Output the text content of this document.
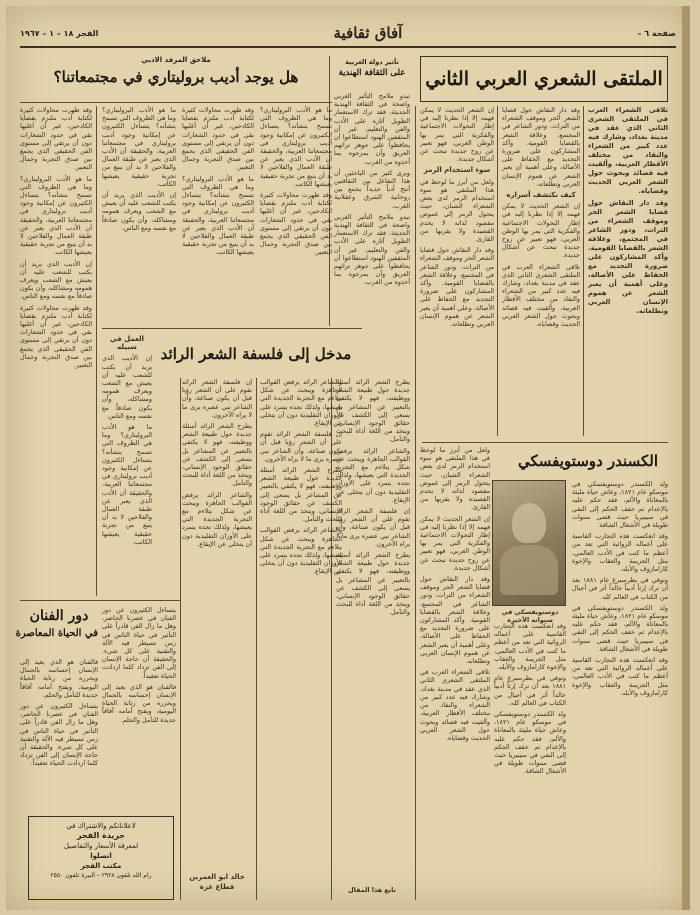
صفحة ٦ –
آفاق ثقافية
الفجر ١٨ – ١ – ١٩٦٧
الملتقى الشعري العربي الثاني

تلاقى الشعراء العرب في الملتقى الشعري الثاني الذي عقد في مدينة بغداد، وشارك فيه عدد كبير من الشعراء والنقاد من مختلف الأقطار العربية، وألقيت فيه قصائد وبحوث حول الشعر العربي الحديث وقضاياه.

وقد دار النقاش حول قضايا الشعر الحر وموقف الشعراء من التراث، ودور الشاعر في المجتمع، وعلاقة الشعر بالقضايا القومية. وأكد المشاركون على ضرورة التجديد مع الحفاظ على الأصالة، وعلى أهمية أن يعبر الشعر عن هموم الإنسان العربي وتطلعاته.

وقد دار النقاش حول قضايا الشعر الحر وموقف الشعراء من التراث، ودور الشاعر في المجتمع، وعلاقة الشعر بالقضايا القومية. وأكد المشاركون على ضرورة التجديد مع الحفاظ على الأصالة، وعلى أهمية أن يعبر الشعر عن هموم الإنسان العربي وتطلعاته.

كيف نكتشف أسراره

إن الشعر الحديث لا يمكن فهمه إلا إذا نظرنا إليه في إطار التحولات الاجتماعية والفكرية التي يمر بها الوطن العربي، فهو تعبير عن روح جديدة تبحث عن أشكال جديدة.

تلاقى الشعراء العرب في الملتقى الشعري الثاني الذي عقد في مدينة بغداد، وشارك فيه عدد كبير من الشعراء والنقاد من مختلف الأقطار العربية، وألقيت فيه قصائد وبحوث حول الشعر العربي الحديث وقضاياه.

إن الشعر الحديث لا يمكن فهمه إلا إذا نظرنا إليه في إطار التحولات الاجتماعية والفكرية التي يمر بها الوطن العربي، فهو تعبير عن روح جديدة تبحث عن أشكال جديدة.

سوء استخدام الرمز

ولعل من أبرز ما لوحظ في هذا الملتقى هو سوء استخدام الرمز لدى بعض الشعراء الشبان، حيث يتحول الرمز إلى غموض مقصود لذاته لا يخدم القصيدة ولا يقربها من القارئ.

وقد دار النقاش حول قضايا الشعر الحر وموقف الشعراء من التراث، ودور الشاعر في المجتمع، وعلاقة الشعر بالقضايا القومية. وأكد المشاركون على ضرورة التجديد مع الحفاظ على الأصالة، وعلى أهمية أن يعبر الشعر عن هموم الإنسان العربي وتطلعاته.

الكسندر دوستويفسكي

ولد الكسندر دوستويفسكي في موسكو عام ١٨٢١، وعاش حياة مليئة بالمعاناة والألم، فقد حكم عليه بالإعدام ثم خفف الحكم إلى النفي في سيبيريا حيث قضى سنوات طويلة في الأشغال الشاقة.

وقد انعكست هذه التجارب القاسية على أعماله الروائية التي تعد من أعظم ما كتب في الأدب العالمي، مثل الجريمة والعقاب والإخوة كارامازوف والأبله.

وتوفي في بطرسبرغ عام ١٨٨١ بعد أن ترك إرثاً أدبياً خالداً أثر في أجيال من الكتاب في العالم كله.

ولد الكسندر دوستويفسكي في موسكو عام ١٨٢١، وعاش حياة مليئة بالمعاناة والألم، فقد حكم عليه بالإعدام ثم خفف الحكم إلى النفي في سيبيريا حيث قضى سنوات طويلة في الأشغال الشاقة.

وقد انعكست هذه التجارب القاسية على أعماله الروائية التي تعد من أعظم ما كتب في الأدب العالمي، مثل الجريمة والعقاب والإخوة كارامازوف والأبله.

دوستويفسكي في سنواته الأخيرة

وقد انعكست هذه التجارب القاسية على أعماله الروائية التي تعد من أعظم ما كتب في الأدب العالمي، مثل الجريمة والعقاب والإخوة كارامازوف والأبله.

وتوفي في بطرسبرغ عام ١٨٨١ بعد أن ترك إرثاً أدبياً خالداً أثر في أجيال من الكتاب في العالم كله.

ولد الكسندر دوستويفسكي في موسكو عام ١٨٢١، وعاش حياة مليئة بالمعاناة والألم، فقد حكم عليه بالإعدام ثم خفف الحكم إلى النفي في سيبيريا حيث قضى سنوات طويلة في الأشغال الشاقة.

ولعل من أبرز ما لوحظ في هذا الملتقى هو سوء استخدام الرمز لدى بعض الشعراء الشبان، حيث يتحول الرمز إلى غموض مقصود لذاته لا يخدم القصيدة ولا يقربها من القارئ.

إن الشعر الحديث لا يمكن فهمه إلا إذا نظرنا إليه في إطار التحولات الاجتماعية والفكرية التي يمر بها الوطن العربي، فهو تعبير عن روح جديدة تبحث عن أشكال جديدة.

وقد دار النقاش حول قضايا الشعر الحر وموقف الشعراء من التراث، ودور الشاعر في المجتمع، وعلاقة الشعر بالقضايا القومية. وأكد المشاركون على ضرورة التجديد مع الحفاظ على الأصالة، وعلى أهمية أن يعبر الشعر عن هموم الإنسان العربي وتطلعاته.

تلاقى الشعراء العرب في الملتقى الشعري الثاني الذي عقد في مدينة بغداد، وشارك فيه عدد كبير من الشعراء والنقاد من مختلف الأقطار العربية، وألقيت فيه قصائد وبحوث حول الشعر العربي الحديث وقضاياه.

تأثير دولة الغربية
على الثقافة الهندية

تبدو ملامح التأثير الغربي واضحة في الثقافة الهندية الحديثة، فقد ترك الاستعمار الطويل آثاره على الأدب والفن والتعليم، غير أن المثقفين الهنود استطاعوا أن يحافظوا على جوهر تراثهم العريق وأن يمزجوه بما أخذوه من الغرب.

ويرى كثير من الباحثين أن هذا التفاعل بين الثقافتين أنتج أدباً جديداً يجمع بين روحانية الشرق وعقلانية الغرب.

تبدو ملامح التأثير الغربي واضحة في الثقافة الهندية الحديثة، فقد ترك الاستعمار الطويل آثاره على الأدب والفن والتعليم، غير أن المثقفين الهنود استطاعوا أن يحافظوا على جوهر تراثهم العريق وأن يمزجوه بما أخذوه من الغرب.

ملاحق المرفد الادبي
هل يوجد أديب بروليتاري في مجتمعاتنا؟

ما هو الأدب البروليتاري؟ وما هي الظروف التي تسمح بنشأته؟ يتساءل الكثيرون عن إمكانية وجود أديب بروليتاري في مجتمعاتنا العربية، والحقيقة أن الأدب الذي يعبر عن طبقة العمال والفلاحين لا بد أن ينبع من تجربة حقيقية يعيشها الكاتب.

وقد ظهرت محاولات كثيرة لكتابة أدب ملتزم بقضايا الكادحين، غير أن أغلبها بقي في حدود الشعارات دون أن يرتقي إلى مستوى الفن الحقيقي الذي يجمع بين صدق التجربة وجمال التعبير.

وقد ظهرت محاولات كثيرة لكتابة أدب ملتزم بقضايا الكادحين، غير أن أغلبها بقي في حدود الشعارات دون أن يرتقي إلى مستوى الفن الحقيقي الذي يجمع بين صدق التجربة وجمال التعبير.

ما هو الأدب البروليتاري؟ وما هي الظروف التي تسمح بنشأته؟ يتساءل الكثيرون عن إمكانية وجود أديب بروليتاري في مجتمعاتنا العربية، والحقيقة أن الأدب الذي يعبر عن طبقة العمال والفلاحين لا بد أن ينبع من تجربة حقيقية يعيشها الكاتب.

ما هو الأدب البروليتاري؟ وما هي الظروف التي تسمح بنشأته؟ يتساءل الكثيرون عن إمكانية وجود أديب بروليتاري في مجتمعاتنا العربية، والحقيقة أن الأدب الذي يعبر عن طبقة العمال والفلاحين لا بد أن ينبع من تجربة حقيقية يعيشها الكاتب.

إن الأديب الذي يريد أن يكتب للشعب عليه أن يعيش مع الشعب ويعرف همومه ومشاكله، وأن يكون صادقاً مع نفسه ومع الناس.

وقد ظهرت محاولات كثيرة لكتابة أدب ملتزم بقضايا الكادحين، غير أن أغلبها بقي في حدود الشعارات دون أن يرتقي إلى مستوى الفن الحقيقي الذي يجمع بين صدق التجربة وجمال التعبير.

ما هو الأدب البروليتاري؟ وما هي الظروف التي تسمح بنشأته؟ يتساءل الكثيرون عن إمكانية وجود أديب بروليتاري في مجتمعاتنا العربية، والحقيقة أن الأدب الذي يعبر عن طبقة العمال والفلاحين لا بد أن ينبع من تجربة حقيقية يعيشها الكاتب.

إن الأديب الذي يريد أن يكتب للشعب عليه أن يعيش مع الشعب ويعرف همومه ومشاكله، وأن يكون صادقاً مع نفسه ومع الناس.

وقد ظهرت محاولات كثيرة لكتابة أدب ملتزم بقضايا الكادحين، غير أن أغلبها بقي في حدود الشعارات دون أن يرتقي إلى مستوى الفن الحقيقي الذي يجمع بين صدق التجربة وجمال التعبير.

مدخل إلى فلسفة الشعر الرائد
العمل في سبيله

إن الأديب الذي يريد أن يكتب للشعب عليه أن يعيش مع الشعب ويعرف همومه ومشاكله، وأن يكون صادقاً مع نفسه ومع الناس.

ما هو الأدب البروليتاري؟ وما هي الظروف التي تسمح بنشأته؟ يتساءل الكثيرون عن إمكانية وجود أديب بروليتاري في مجتمعاتنا العربية، والحقيقة أن الأدب الذي يعبر عن طبقة العمال والفلاحين لا بد أن ينبع من تجربة حقيقية يعيشها الكاتب.

يطرح الشعر الرائد أسئلة جديدة حول طبيعة الشعر ووظيفته، فهو لا يكتفي بالتعبير عن المشاعر بل يسعى إلى الكشف عن حقائق الوجود الإنساني، ويتخذ من اللغة أداة للبحث والتأمل.

والشاعر الرائد يرفض القوالب الجاهزة ويبحث عن شكل يتلاءم مع التجربة الجديدة التي يعيشها، ولذلك نجده يتمرد على الأوزان التقليدية دون أن يتخلى عن الإيقاع.

إن فلسفة الشعر الرائد تقوم على أن الشعر رؤيا قبل أن يكون صناعة، وأن الشاعر نبي عصره يرى ما لا يراه الآخرون.

يطرح الشعر الرائد أسئلة جديدة حول طبيعة الشعر ووظيفته، فهو لا يكتفي بالتعبير عن المشاعر بل يسعى إلى الكشف عن حقائق الوجود الإنساني، ويتخذ من اللغة أداة للبحث والتأمل.

والشاعر الرائد يرفض القوالب الجاهزة ويبحث عن شكل يتلاءم مع التجربة الجديدة التي يعيشها، ولذلك نجده يتمرد على الأوزان التقليدية دون أن يتخلى عن الإيقاع.

إن فلسفة الشعر الرائد تقوم على أن الشعر رؤيا قبل أن يكون صناعة، وأن الشاعر نبي عصره يرى ما لا يراه الآخرون.

يطرح الشعر الرائد أسئلة جديدة حول طبيعة الشعر ووظيفته، فهو لا يكتفي بالتعبير عن المشاعر بل يسعى إلى الكشف عن حقائق الوجود الإنساني، ويتخذ من اللغة أداة للبحث والتأمل.

والشاعر الرائد يرفض القوالب الجاهزة ويبحث عن شكل يتلاءم مع التجربة الجديدة التي يعيشها، ولذلك نجده يتمرد على الأوزان التقليدية دون أن يتخلى عن الإيقاع.

إن فلسفة الشعر الرائد تقوم على أن الشعر رؤيا قبل أن يكون صناعة، وأن الشاعر نبي عصره يرى ما لا يراه الآخرون.

يطرح الشعر الرائد أسئلة جديدة حول طبيعة الشعر ووظيفته، فهو لا يكتفي بالتعبير عن المشاعر بل يسعى إلى الكشف عن حقائق الوجود الإنساني، ويتخذ من اللغة أداة للبحث والتأمل.

والشاعر الرائد يرفض القوالب الجاهزة ويبحث عن شكل يتلاءم مع التجربة الجديدة التي يعيشها، ولذلك نجده يتمرد على الأوزان التقليدية دون أن يتخلى عن الإيقاع.

خالد ابو العمرين
قطاع غزة
دور الفنان
في الحياة المعاصرة

يتساءل الكثيرون عن دور الفنان في عصرنا الحاضر، وهل ما زال الفن قادراً على التأثير في حياة الناس في زمن تسيطر فيه الآلة والتقنية على كل شيء. والحقيقة أن حاجة الإنسان إلى الفن تزداد كلما ازدادت الحياة تعقيداً.

فالفنان هو الذي يعيد إلى الإنسان إحساسه بالجمال ويحرره من رتابة الحياة اليومية، ويفتح أمامه آفاقاً جديدة للتأمل والحلم.

فالفنان هو الذي يعيد إلى الإنسان إحساسه بالجمال ويحرره من رتابة الحياة اليومية، ويفتح أمامه آفاقاً جديدة للتأمل والحلم.

يتساءل الكثيرون عن دور الفنان في عصرنا الحاضر، وهل ما زال الفن قادراً على التأثير في حياة الناس في زمن تسيطر فيه الآلة والتقنية على كل شيء. والحقيقة أن حاجة الإنسان إلى الفن تزداد كلما ازدادت الحياة تعقيداً.

لاعلاناتكم والاشتراك في
جريدة الفجر
لمعرفة الأسعار والتفاصيل
اتصلوا
مكتب الفجر
رام الله تلفون ٢٩٢٨ – البيرة تلفون ٢٥٥٠
تابع هذا المقال
